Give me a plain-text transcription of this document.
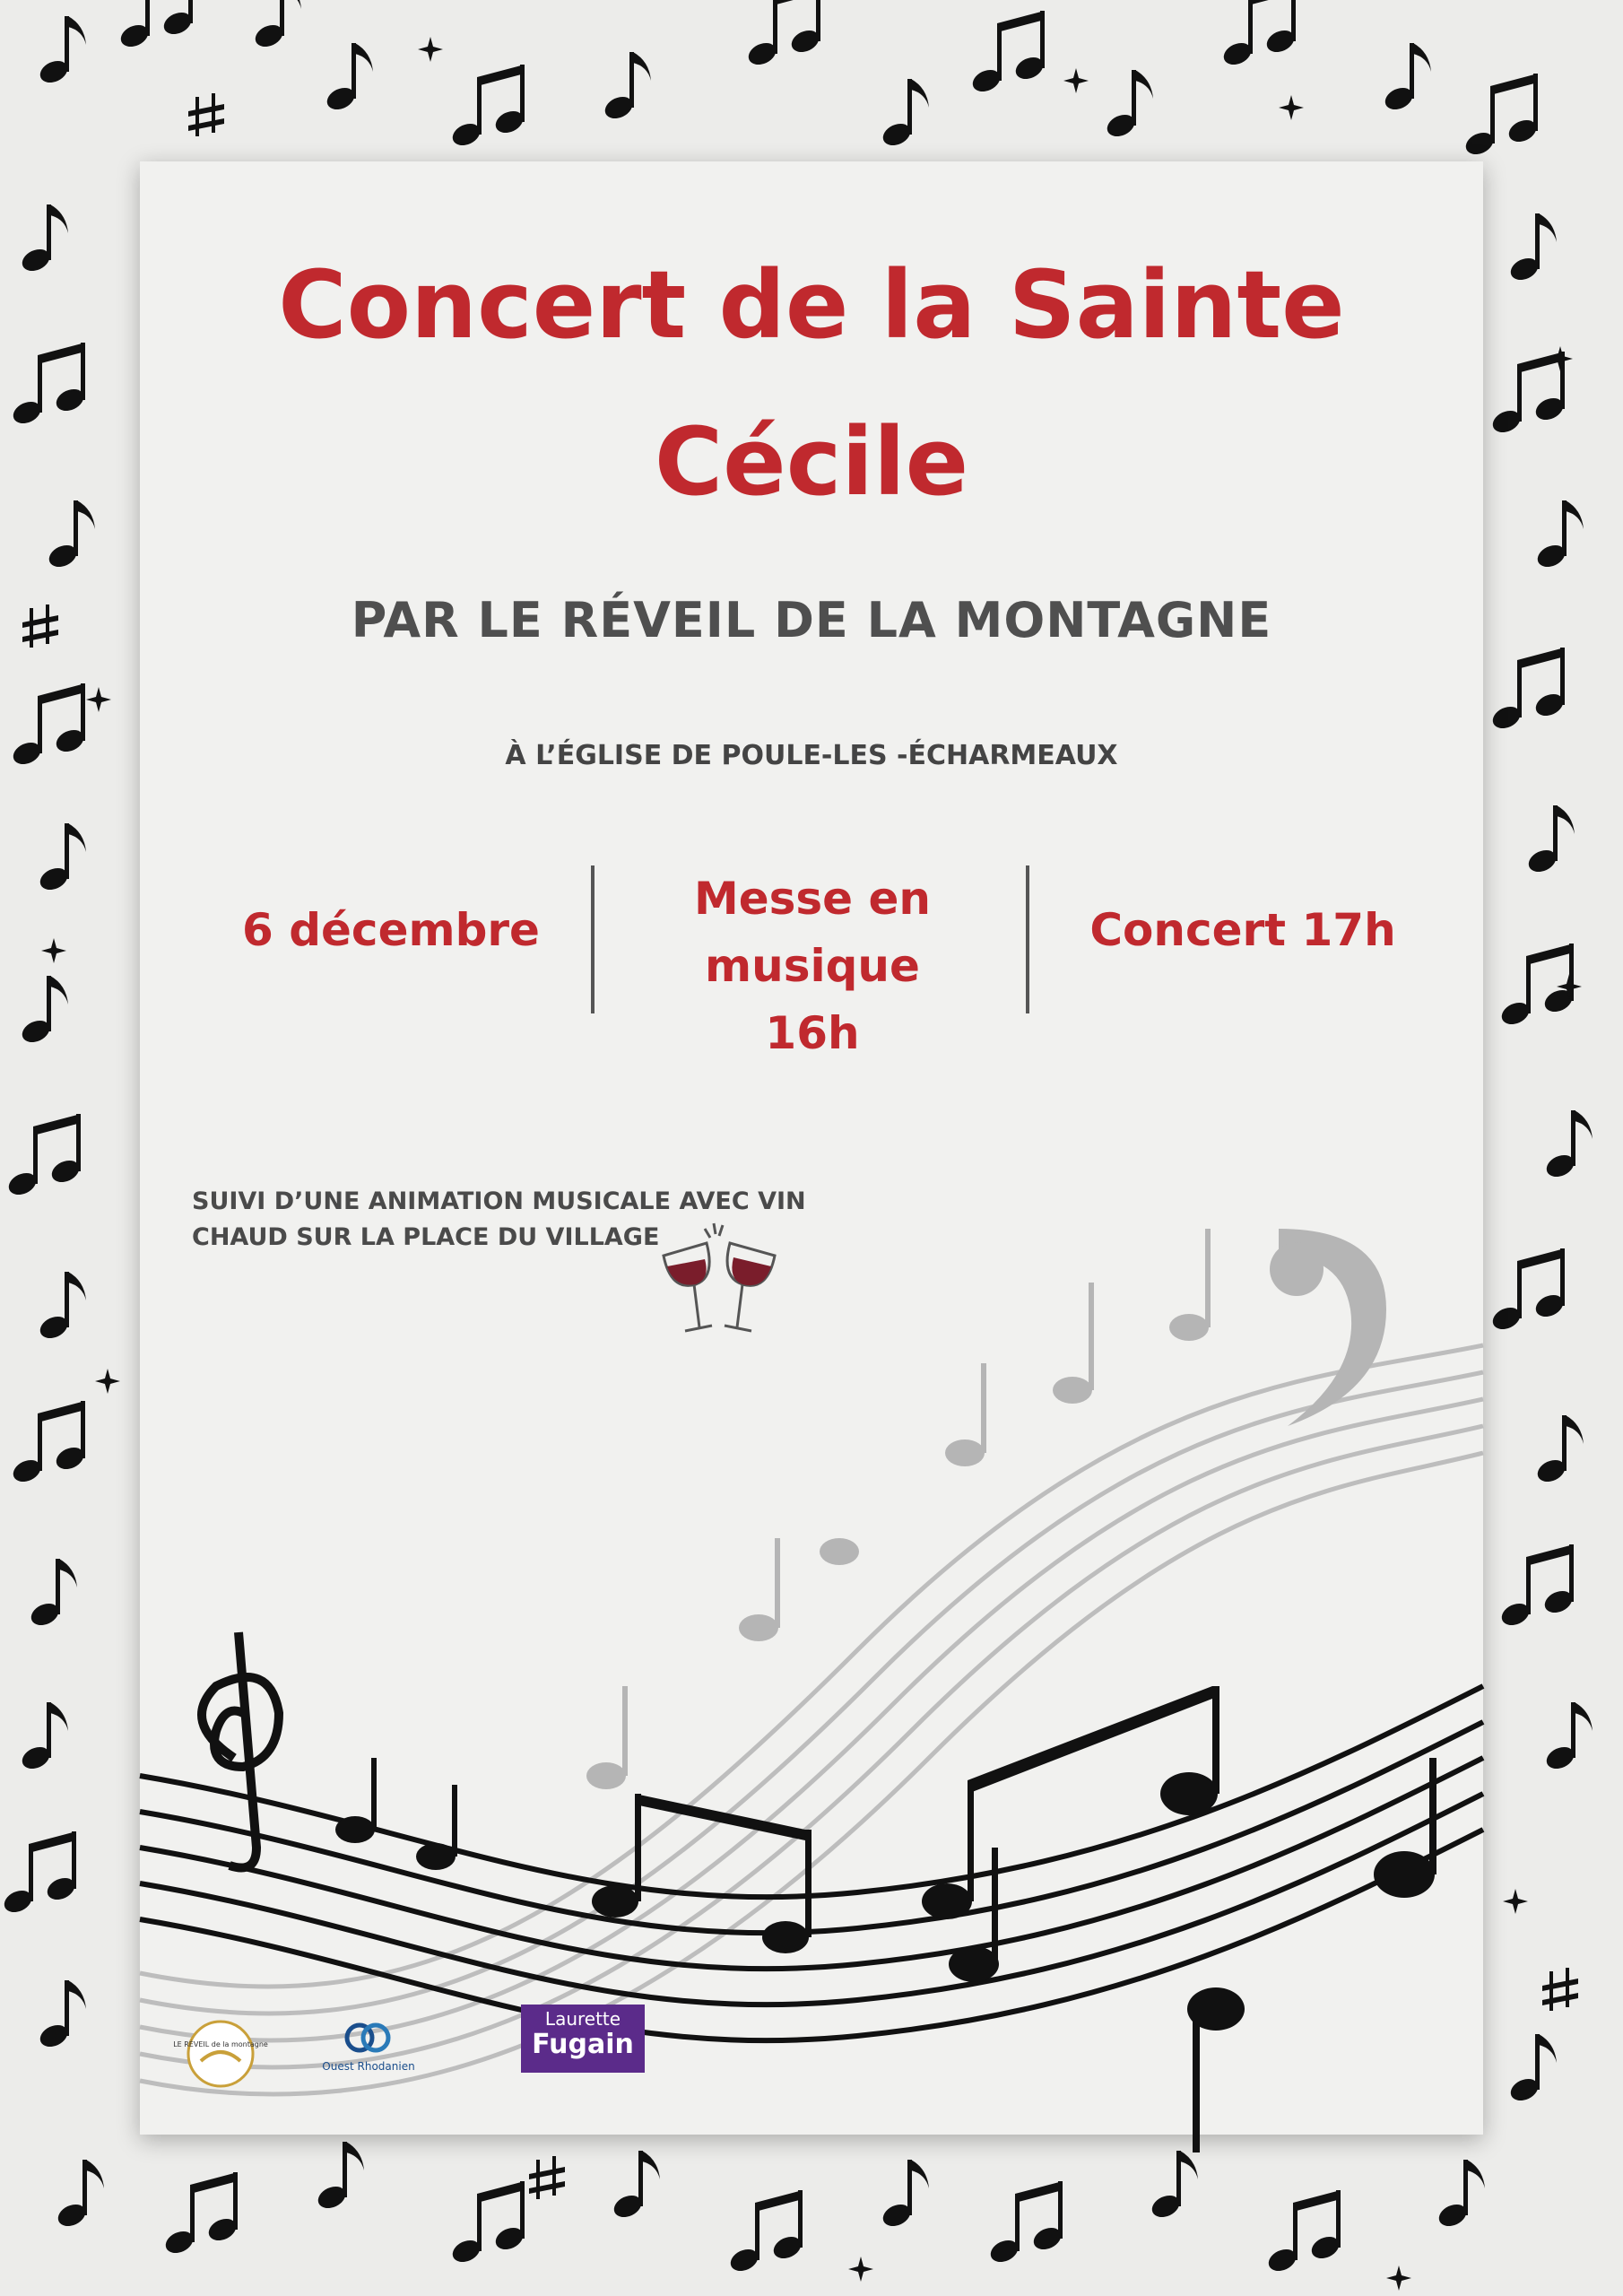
Concert de la Sainte
Cécile
PAR LE RÉVEIL DE LA MONTAGNE
À L’ÉGLISE DE POULE-LES -ÉCHARMEAUX
6 décembre
Messe en
musique
16h
Concert 17h
SUIVI D’UNE ANIMATION MUSICALE AVEC VIN
CHAUD SUR LA PLACE DU VILLAGE
LE RÉVEIL de la montagne
Ouest Rhodanien
Laurette
Fugain
